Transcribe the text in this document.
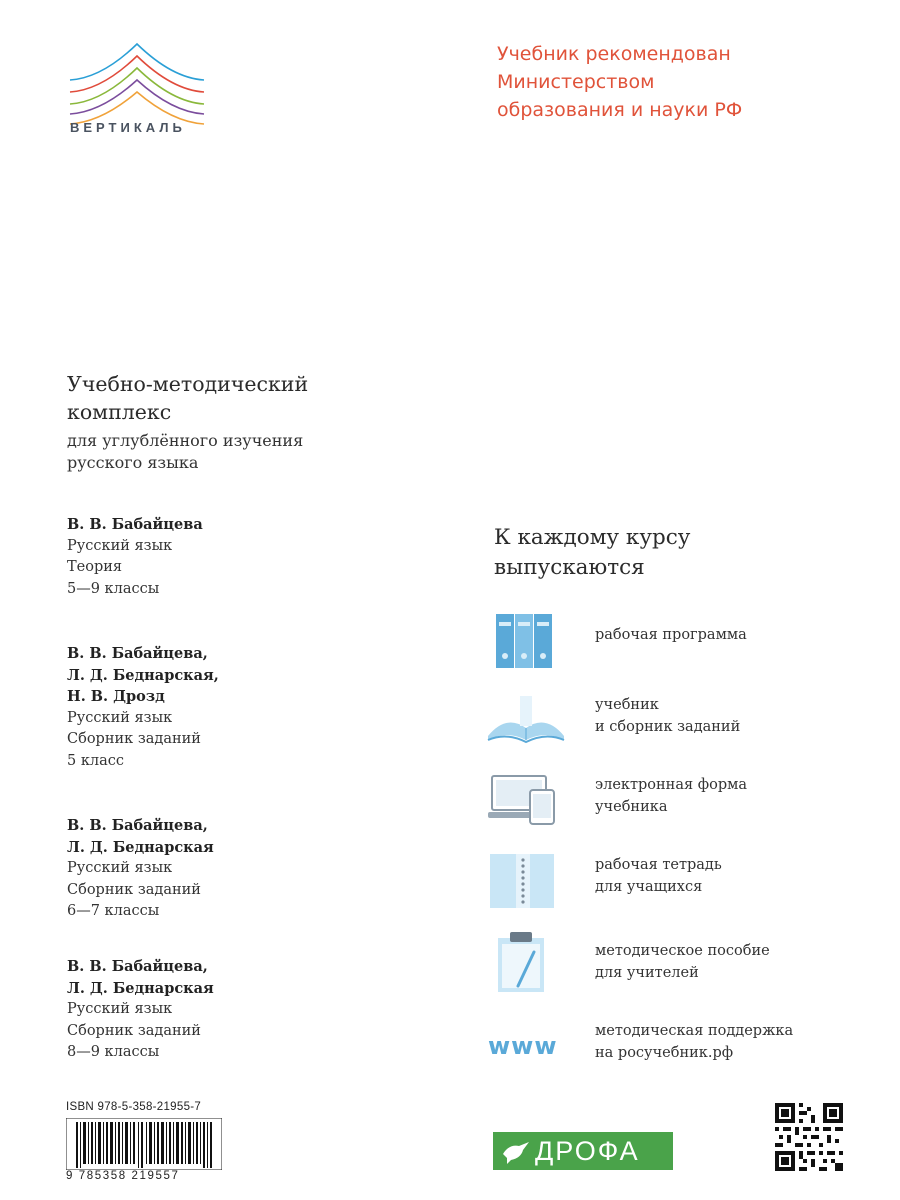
ВЕРТИКАЛЬ
Учебник рекомендован
Министерством
образования и науки РФ
Учебно-методический
комплекс
для углублённого изучения
русского языка
В. В. Бабайцева
Русский язык
Теория
5—9 классы
В. В. Бабайцева,
Л. Д. Беднарская,
Н. В. Дрозд
Русский язык
Сборник заданий
5 класс
В. В. Бабайцева,
Л. Д. Беднарская
Русский язык
Сборник заданий
6—7 классы
В. В. Бабайцева,
Л. Д. Беднарская
Русский язык
Сборник заданий
8—9 классы
К каждому курсу
выпускаются
рабочая программа
учебник
и сборник заданий
электронная форма
учебника
рабочая тетрадь
для учащихся
методическое пособие
для учителей
www
методическая поддержка
на росучебник.рф
ISBN 978-5-358-21955-7
9 785358 219557
ДРОФА
